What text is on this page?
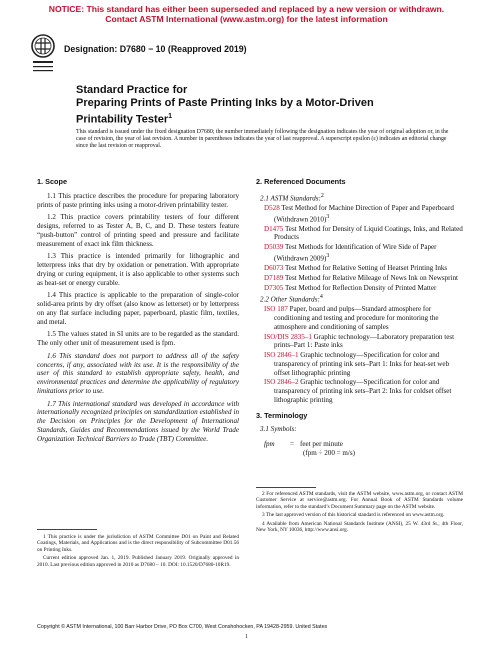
NOTICE: This standard has either been superseded and replaced by a new version or withdrawn.
Contact ASTM International (www.astm.org) for the latest information
Designation: D7680 − 10 (Reapproved 2019)
Standard Practice for
Preparing Prints of Paste Printing Inks by a Motor-Driven
Printability Tester$^1$
This standard is issued under the fixed designation D7680; the number immediately following the designation indicates the year of original adoption or, in the case of revision, the year of last revision. A number in parentheses indicates the year of last reapproval. A superscript epsilon (ε) indicates an editorial change since the last revision or reapproval.
1. Scope

1.1 This practice describes the procedure for preparing laboratory prints of paste printing inks using a motor-driven printability tester.

1.2 This practice covers printability testers of four different designs, referred to as Tester A, B, C, and D. These testers feature “push-button” control of printing speed and pressure and facilitate measurement of exact ink film thickness.

1.3 This practice is intended primarily for lithographic and letterpress inks that dry by oxidation or penetration. With appropriate drying or curing equipment, it is also applicable to other systems such as heat-set or energy curable.

1.4 This practice is applicable to the preparation of single-color solid-area prints by dry offset (also know as letterset) or by letterpress on any flat surface including paper, paperboard, plastic film, textiles, and metal.

1.5 The values stated in SI units are to be regarded as the standard. The only other unit of measurement used is fpm.

1.6 This standard does not purport to address all of the safety concerns, if any, associated with its use. It is the responsibility of the user of this standard to establish appropriate safety, health, and environmental practices and determine the applicability of regulatory limitations prior to use.

1.7 This international standard was developed in accordance with internationally recognized principles on standardization established in the Decision on Principles for the Development of International Standards, Guides and Recommendations issued by the World Trade Organization Technical Barriers to Trade (TBT) Committee.

2. Referenced Documents
2.1 ASTM Standards:$^2$
D528 Test Method for Machine Direction of Paper and Paperboard (Withdrawn 2010)$^3$
D1475 Test Method for Density of Liquid Coatings, Inks, and Related Products
D5039 Test Methods for Identification of Wire Side of Paper (Withdrawn 2009)$^3$
D6073 Test Method for Relative Setting of Heatset Printing Inks
D7189 Test Method for Relative Mileage of News Ink on Newsprint
D7305 Test Method for Reflection Density of Printed Matter
2.2 Other Standards:$^4$
ISO 187 Paper, board and pulps—Standard atmosphere for conditioning and testing and procedure for monitoring the atmosphere and conditioning of samples
ISO/DIS 2835–1 Graphic technology—Laboratory preparation test prints–Part 1: Paste inks
ISO 2846–1 Graphic technology—Specification for color and transparency of printing ink sets–Part 1: Inks for heat-set web offset lithographic printing
ISO 2846–2 Graphic technology—Specification for color and transparency of printing ink sets–Part 2: Inks for coldset offset lithographic printing
3. Terminology
3.1 Symbols:
fpm	= feet per minute
(fpm ÷ 200 = m/s)

1 This practice is under the jurisdiction of ASTM Committee D01 on Paint and Related Coatings, Materials, and Applications and is the direct responsibility of Subcommittee D01.56 on Printing Inks.

Current edition approved Jan. 1, 2019. Published January 2019. Originally approved in 2010. Last previous edition approved in 2010 as D7680 – 10. DOI: 10.1520/D7680-10R19.

2 For referenced ASTM standards, visit the ASTM website, www.astm.org, or contact ASTM Customer Service at service@astm.org. For Annual Book of ASTM Standards volume information, refer to the standard’s Document Summary page on the ASTM website.

3 The last approved version of this historical standard is referenced on www.astm.org.

4 Available from American National Standards Institute (ANSI), 25 W. 43rd St., 4th Floor, New York, NY 10036, http://www.ansi.org.

Copyright © ASTM International, 100 Barr Harbor Drive, PO Box C700, West Conshohocken, PA 19428-2959. United States
1
